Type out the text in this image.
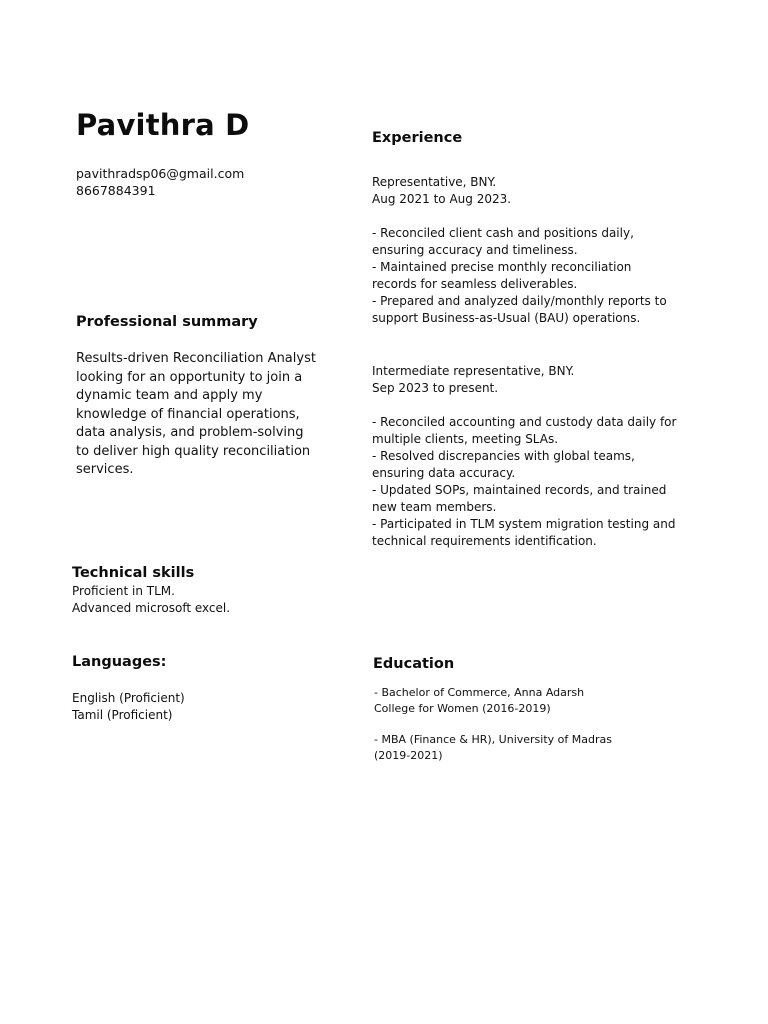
Pavithra D
pavithradsp06@gmail.com
8667884391
Professional summary
Results-driven Reconciliation Analyst
looking for an opportunity to join a
dynamic team and apply my
knowledge of financial operations,
data analysis, and problem-solving
to deliver high quality reconciliation
services.
Technical skills
Proficient in TLM.
Advanced microsoft excel.
Languages:
English (Proficient)
Tamil (Proficient)
Experience
Representative, BNY.
Aug 2021 to Aug 2023.
- Reconciled client cash and positions daily,
ensuring accuracy and timeliness.
- Maintained precise monthly reconciliation
records for seamless deliverables.
- Prepared and analyzed daily/monthly reports to
support Business-as-Usual (BAU) operations.
Intermediate representative, BNY.
Sep 2023 to present.
- Reconciled accounting and custody data daily for
multiple clients, meeting SLAs.
- Resolved discrepancies with global teams,
ensuring data accuracy.
- Updated SOPs, maintained records, and trained
new team members.
- Participated in TLM system migration testing and
technical requirements identification.
Education
- Bachelor of Commerce, Anna Adarsh
College for Women (2016-2019)
- MBA (Finance & HR), University of Madras
(2019-2021)
